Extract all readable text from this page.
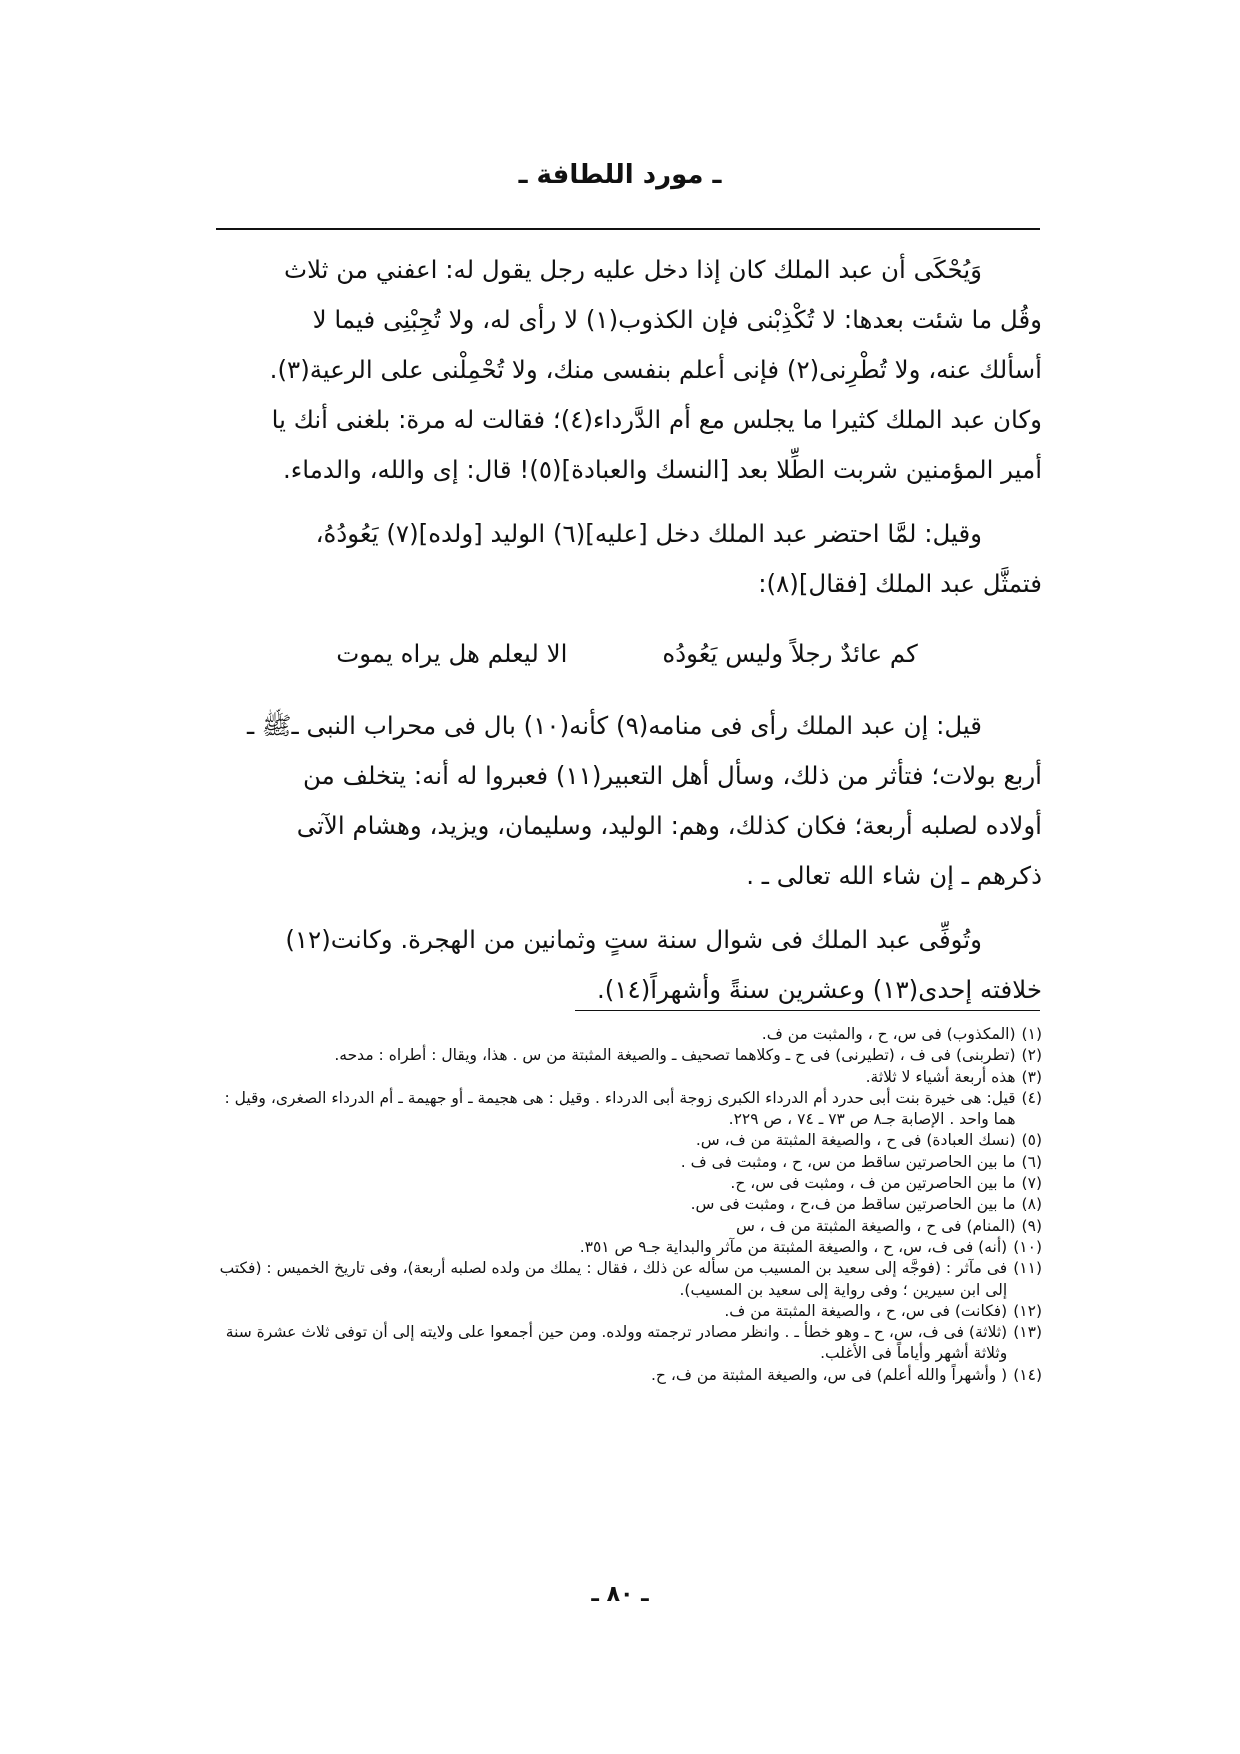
ـ مورد اللطافة ـ

وَيُحْكَى أن عبد الملك كان إذا دخل عليه رجل يقول له: اعفني من ثلاث

وقُل ما شئت بعدها: لا تُكْذِبْنى فإن الكذوب(١) لا رأى له، ولا تُجِبْنِى فيما لا

أسألك عنه، ولا تُطْرِنى(٢) فإنى أعلم بنفسى منك، ولا تُحْمِلْنى على الرعية(٣).

وكان عبد الملك كثيرا ما يجلس مع أم الدَّرداء(٤)؛ فقالت له مرة: بلغنى أنك يا

أمير المؤمنين شربت الطِّلا بعد [النسك والعبادة](٥)! قال: إى والله، والدماء.

وقيل: لمَّا احتضر عبد الملك دخل [عليه](٦) الوليد [ولده](٧) يَعُودُهُ،

فتمثَّل عبد الملك [فقال](٨):

كم عائدٌ رجلاً وليس يَعُودُه
الا ليعلم هل يراه يموت

قيل: إن عبد الملك رأى فى منامه(٩) كأنه(١٠) بال فى محراب النبى ـﷺ ـ

أربع بولات؛ فتأثر من ذلك، وسأل أهل التعبير(١١) فعبروا له أنه: يتخلف من

أولاده لصلبه أربعة؛ فكان كذلك، وهم: الوليد، وسليمان، ويزيد، وهشام الآتى

ذكرهم ـ إن شاء الله تعالى ـ .

وتُوفِّى عبد الملك فى شوال سنة ستٍ وثمانين من الهجرة. وكانت(١٢)

خلافته إحدى(١٣) وعشرين سنةً وأشهراً(١٤).

(١)
(المكذوب) فى س، ح ، والمثبت من ف.
(٢)
(تطربنى) فى ف ، (تطيرنى) فى ح ـ وكلاهما تصحيف ـ والصيغة المثبتة من س . هذا، ويقال : أطراه : مدحه.
(٣)
هذه أربعة أشياء لا ثلاثة.
(٤)
قيل: هى خيرة بنت أبى حدرد أم الدرداء الكبرى زوجة أبى الدرداء . وقيل : هى هجيمة ـ أو جهيمة ـ أم الدرداء الصغرى، وقيل : هما واحد . الإصابة جـ٨ ص ٧٣ ـ ٧٤ ، ص ٢٢٩.
(٥)
(نسك العبادة) فى ح ، والصيغة المثبتة من ف، س.
(٦)
ما بين الحاصرتين ساقط من س، ح ، ومثبت فى ف .
(٧)
ما بين الحاصرتين من ف ، ومثبت فى س، ح.
(٨)
ما بين الحاصرتين ساقط من ف،ح ، ومثبت فى س.
(٩)
(المنام) فى ح ، والصيغة المثبتة من ف ، س
(١٠)
(أنه) فى ف، س، ح ، والصيغة المثبتة من مآثر والبداية جـ٩ ص ٣٥١.
(١١)
فى مآثر : (فوجَّه إلى سعيد بن المسيب من سأله عن ذلك ، فقال : يملك من ولده لصلبه أربعة)، وفى تاريخ الخميس : (فكتب إلى ابن سيرين ؛ وفى رواية إلى سعيد بن المسيب).
(١٢)
(فكانت) فى س، ح ، والصيغة المثبتة من ف.
(١٣)
(ثلاثة) فى ف، س، ح ـ وهو خطأ ـ . وانظر مصادر ترجمته وولده. ومن حين أجمعوا على ولايته إلى أن توفى ثلاث عشرة سنة وثلاثة أشهر وأياماً فى الأغلب.
(١٤)
( وأشهراً والله أعلم) فى س، والصيغة المثبتة من ف، ح.
ـ ٨٠ ـ
